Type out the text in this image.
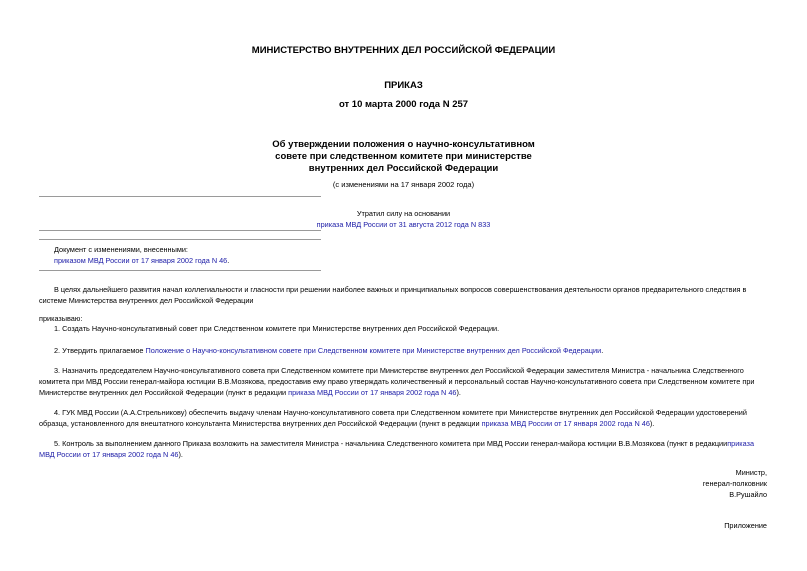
МИНИСТЕРСТВО ВНУТРЕННИХ ДЕЛ РОССИЙСКОЙ ФЕДЕРАЦИИ
ПРИКАЗ
от 10 марта 2000 года N 257
Об утверждении положения о научно-консультативном
совете при следственном комитете при министерстве
внутренних дел Российской Федерации
(с изменениями на 17 января 2002 года)
Утратил силу на основании
приказа МВД России от 31 августа 2012 года N 833
Документ с изменениями, внесенными:
приказом МВД России от 17 января 2002 года N 46.
В целях дальнейшего развития начал коллегиальности и гласности при решении наиболее важных и принципиальных вопросов совершенствования деятельности органов предварительного следствия в системе Министерства внутренних дел Российской Федерации
приказываю:
1. Создать Научно-консультативный совет при Следственном комитете при Министерстве внутренних дел Российской Федерации.
2. Утвердить прилагаемое Положение о Научно-консультативном совете при Следственном комитете при Министерстве внутренних дел Российской Федерации.
3. Назначить председателем Научно-консультативного совета при Следственном комитете при Министерстве внутренних дел Российской Федерации заместителя Министра - начальника Следственного комитета при МВД России генерал-майора юстиции В.В.Мозякова, предоставив ему право утверждать количественный и персональный состав Научно-консультативного совета при Следственном комитете при Министерстве внутренних дел Российской Федерации (пункт в редакции приказа МВД России от 17 января 2002 года N 46).
4. ГУК МВД России (А.А.Стрельникову) обеспечить выдачу членам Научно-консультативного совета при Следственном комитете при Министерстве внутренних дел Российской Федерации удостоверений образца, установленного для внештатного консультанта Министерства внутренних дел Российской Федерации (пункт в редакции приказа МВД России от 17 января 2002 года N 46).
5. Контроль за выполнением данного Приказа возложить на заместителя Министра - начальника Следственного комитета при МВД России генерал-майора юстиции В.В.Мозякова (пункт в редакцииприказа МВД России от 17 января 2002 года N 46).
Министр,
генерал-полковник
В.Рушайло
Приложение
